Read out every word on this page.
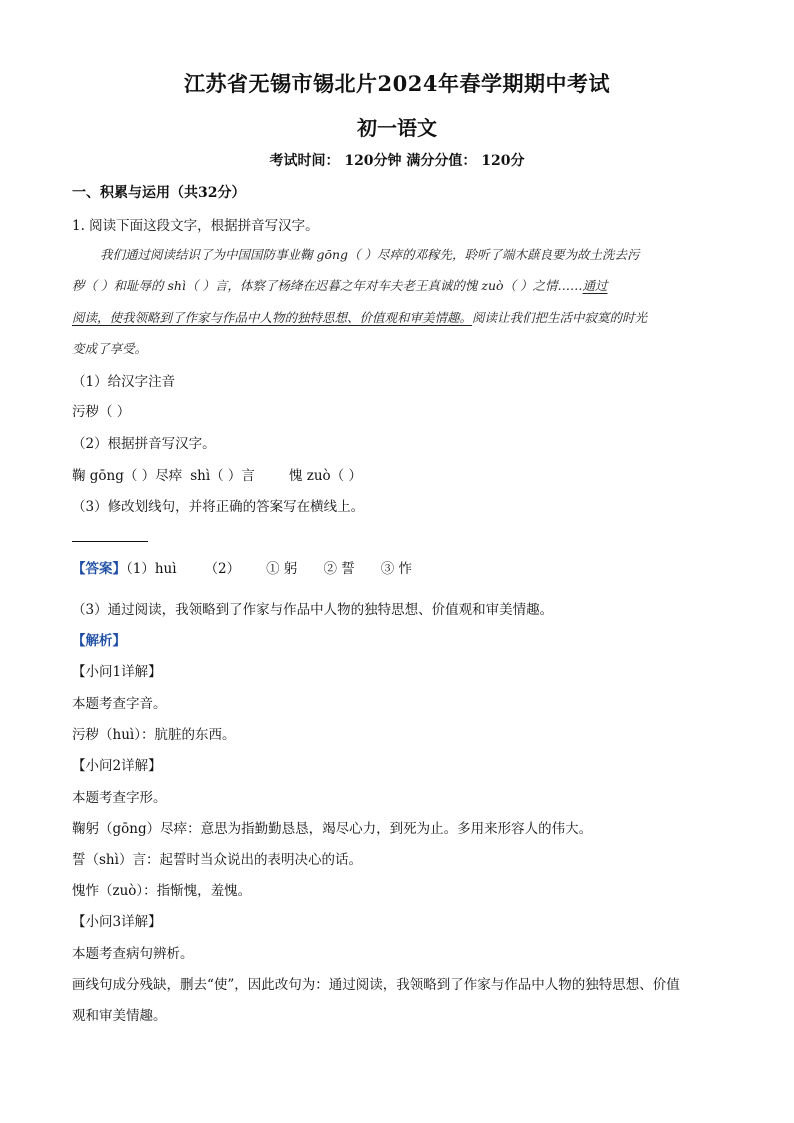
江苏省无锡市锡北片2024年春学期期中考试
初一语文
考试时间： 120分钟 满分分值： 120分
一、积累与运用（共32分）
1. 阅读下面这段文字，根据拼音写汉字。
我们通过阅读结识了为中国国防事业鞠 gōng（ ）尽瘁的邓稼先，聆听了端木蕻良要为故土洗去污
秽（ ）和耻辱的 shì（ ）言，体察了杨绛在迟暮之年对车夫老王真诚的愧 zuò（ ）之情……通过
阅读，使我领略到了作家与作品中人物的独特思想、价值观和审美情趣。阅读让我们把生活中寂寞的时光
变成了享受。
（1）给汉字注音
污秽（ ）
（2）根据拼音写汉字。
鞠 gōng（ ）尽瘁 shì（ ）言	愧 zuò（ ）
（3）修改划线句，并将正确的答案写在横线上。
【答案】（1）huì （2） ① 躬 ② 誓 ③ 怍
（3）通过阅读，我领略到了作家与作品中人物的独特思想、价值观和审美情趣。
【解析】
【小问1详解】
本题考查字音。
污秽（huì）：肮脏的东西。
【小问2详解】
本题考查字形。
鞠躬（gōng）尽瘁：意思为指勤勤恳恳，竭尽心力，到死为止。多用来形容人的伟大。
誓（shì）言：起誓时当众说出的表明决心的话。
愧怍（zuò）：指惭愧，羞愧。
【小问3详解】
本题考查病句辨析。
画线句成分残缺，删去“使”，因此改句为：通过阅读，我领略到了作家与作品中人物的独特思想、价值
观和审美情趣。
